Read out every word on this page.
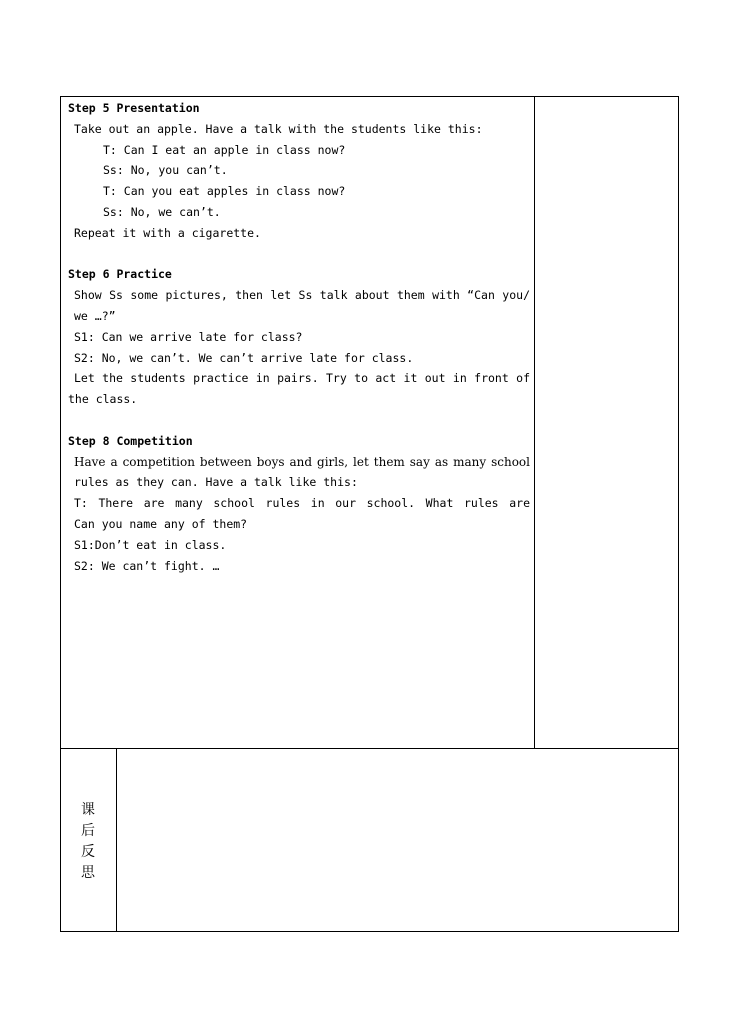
Step 5 Presentation
Take out an apple. Have a talk with the students like this:
T: Can I eat an apple in class now?
Ss: No, you can’t.
T: Can you eat apples in class now?
Ss: No, we can’t.
Repeat it with a cigarette.
Step 6 Practice
Show Ss some pictures, then let Ss talk about them with “Can you/
we …?”
S1: Can we arrive late for class?
S2: No, we can’t. We can’t arrive late for class.
Let the students practice in pairs. Try to act it out in front of
the class.
Step 8 Competition
Have a competition between boys and girls, let them say as many school
rules as they can. Have a talk like this:
T: There are many school rules in our school. What rules are
Can you name any of them?
S1:Don’t eat in class.
S2: We can’t fight. …
课
后
反
思
